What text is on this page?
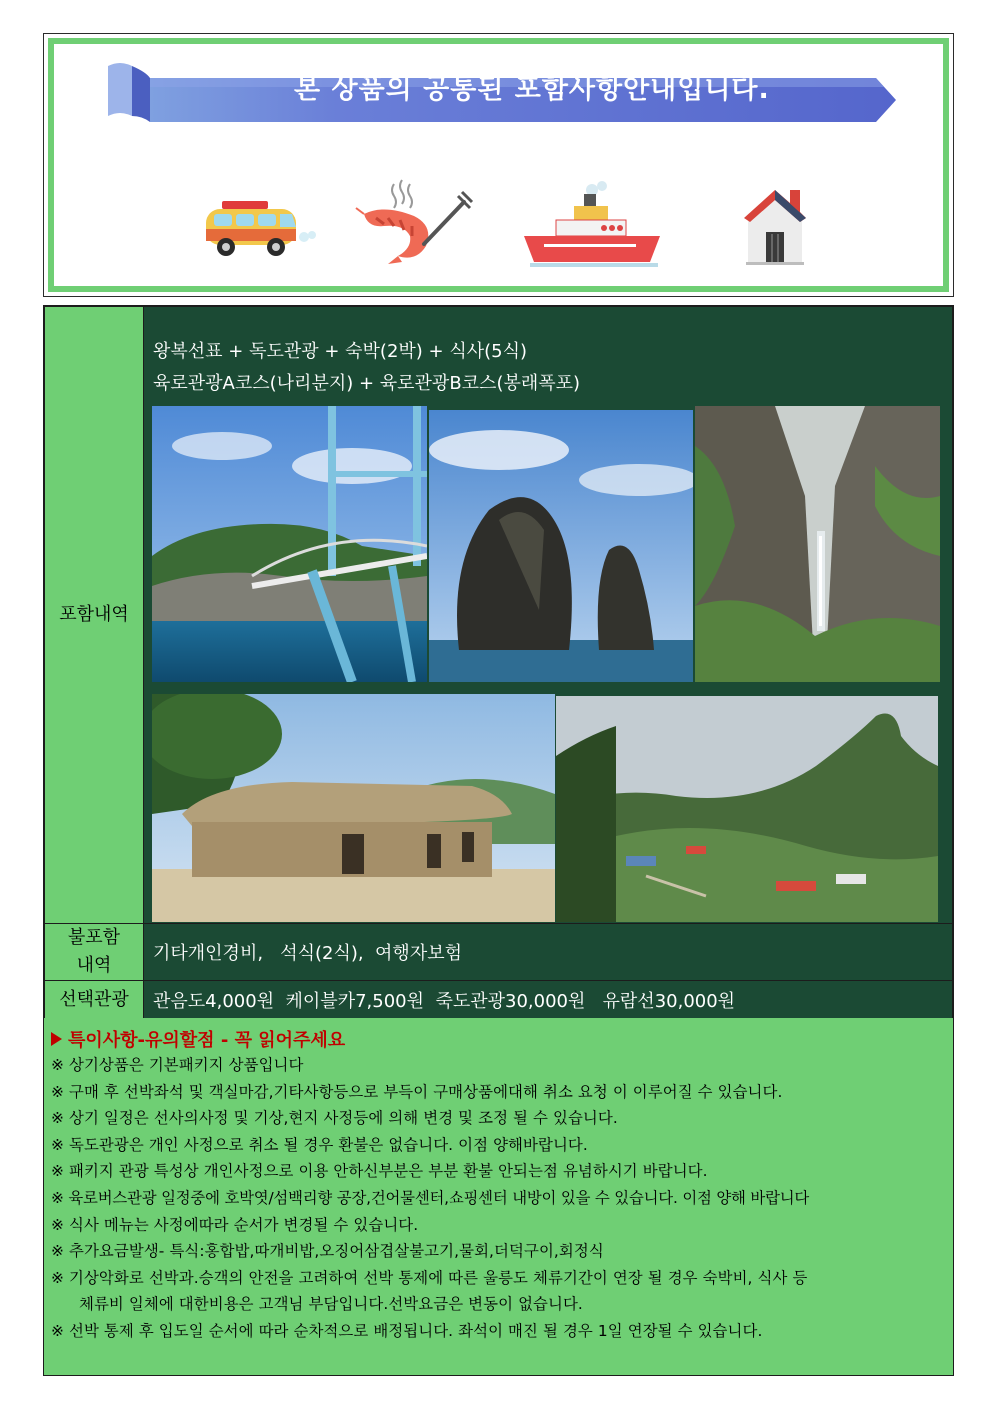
본 상품의 공통된 포함사항안내입니다.
포함내역
왕복선표 + 독도관광 + 숙박(2박) + 식사(5식)
육로관광A코스(나리분지) + 육로관광B코스(봉래폭포)
불포함
내역
기타개인경비,   석식(2식),  여행자보험
선택관광	관음도4,000원  케이블카7,500원  죽도관광30,000원   유람선30,000원
특이사항-유의할점 - 꼭 읽어주세요
※ 상기상품은 기본패키지 상품입니다
※ 구매 후 선박좌석 및 객실마감,기타사항등으로 부득이 구매상품에대해 취소 요청 이 이루어질 수 있습니다.
※ 상기 일정은 선사의사정 및 기상,현지 사정등에 의해 변경 및 조정 될 수 있습니다.
※ 독도관광은 개인 사정으로 취소 될 경우 환불은 없습니다. 이점 양해바랍니다.
※ 패키지 관광 특성상 개인사정으로 이용 안하신부분은 부분 환불 안되는점 유념하시기 바랍니다.
※ 육로버스관광 일정중에 호박엿/섬백리향 공장,건어물센터,쇼핑센터 내방이 있을 수 있습니다. 이점 양해 바랍니다
※ 식사 메뉴는 사정에따라 순서가 변경될 수 있습니다.
※ 추가요금발생- 특식:홍합밥,따개비밥,오징어삼겹살불고기,물회,더덕구이,회정식
※ 기상악화로 선박과.승객의 안전을 고려하여 선박 통제에 따른 울릉도 체류기간이 연장 될 경우 숙박비, 식사 등
체류비 일체에 대한비용은 고객님 부담입니다.선박요금은 변동이 없습니다.
※ 선박 통제 후 입도일 순서에 따라 순차적으로 배정됩니다. 좌석이 매진 될 경우 1일 연장될 수 있습니다.
